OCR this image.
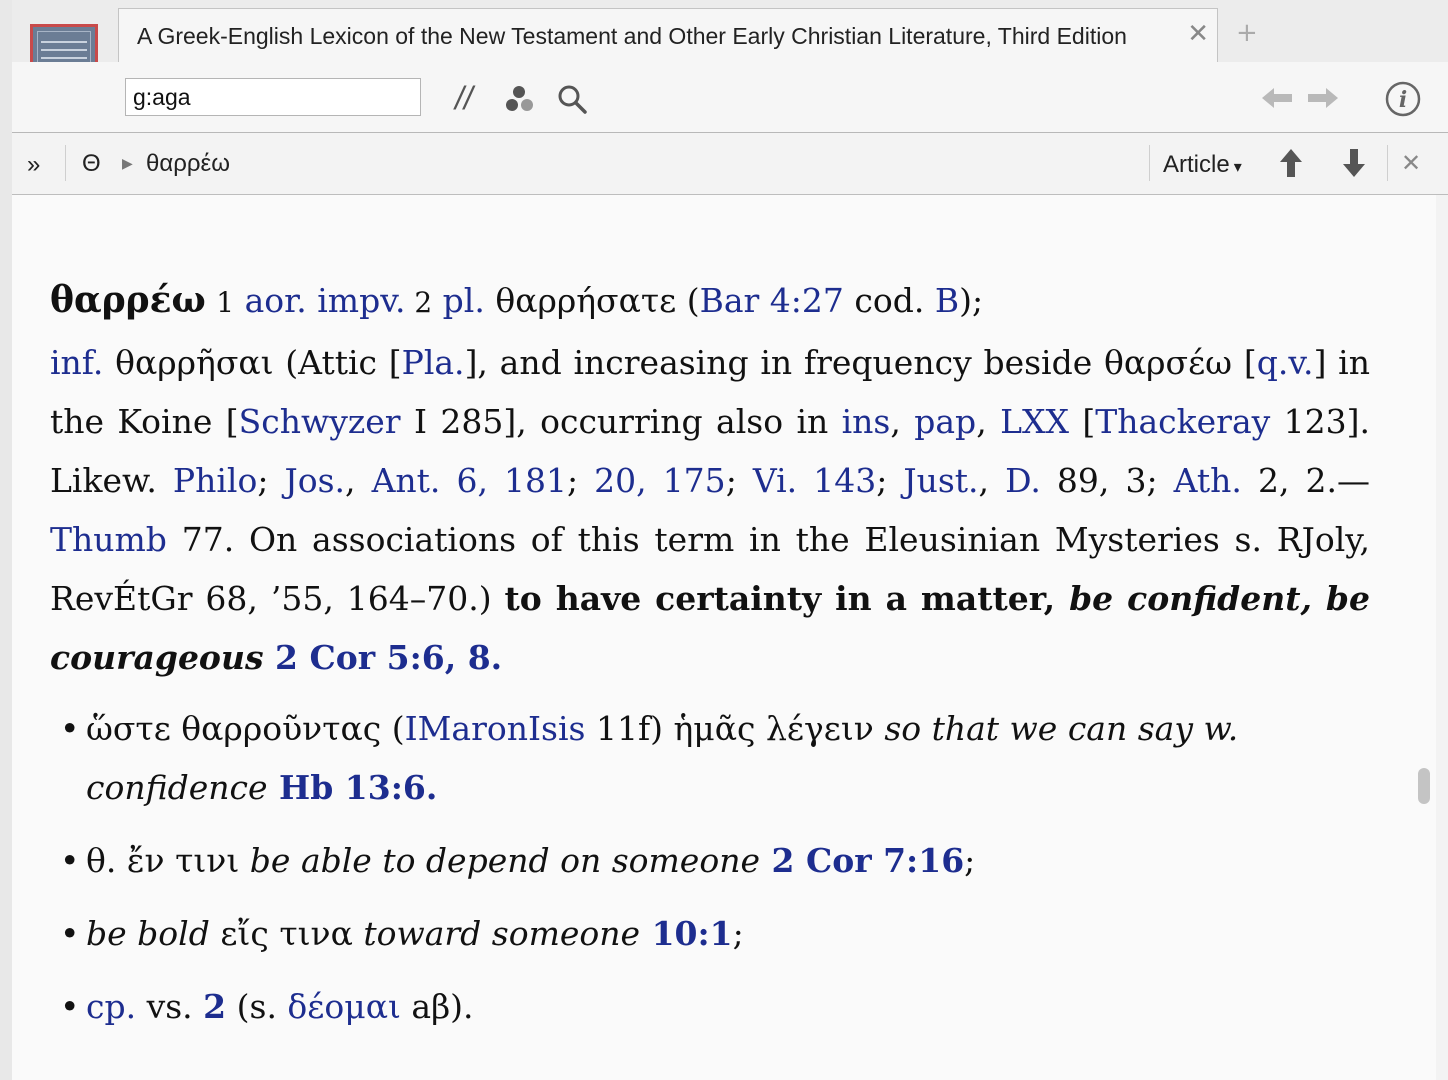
A Greek-English Lexicon of the New Testament and Other Early Christian Literature, Third Edition ✕ +
g:aga
//	i
» Θ ▶ θαρρέω	Article ▾	✕
θαρρέω 1 aor. impv. 2 pl. θαρρήσατε (Bar 4:27 cod. B);

inf. θαρρῆσαι (Attic [Pla.], and increasing in frequency beside θαρσέω [q.v.] in the Koine [Schwyzer I 285], occurring also in ins, pap, LXX [Thackeray 123]. Likew. Philo; Jos., Ant. 6, 181; 20, 175; Vi. 143; Just., D. 89, 3; Ath. 2, 2.—Thumb 77. On associations of this term in the Eleusinian Mysteries s. RJoly, RevÉtGr 68, ’55, 164–70.) to have certainty in a matter, be confident, be courageous 2 Cor 5:6, 8.

• ὥστε θαρροῦντας (IMaronIsis 11f) ἡμᾶς λέγειν so that we can say w. confidence Hb 13:6.
• θ. ἔν τινι be able to depend on someone 2 Cor 7:16;
• be bold εἴς τινα toward someone 10:1;
• cp. vs. 2 (s. δέομαι aβ).
